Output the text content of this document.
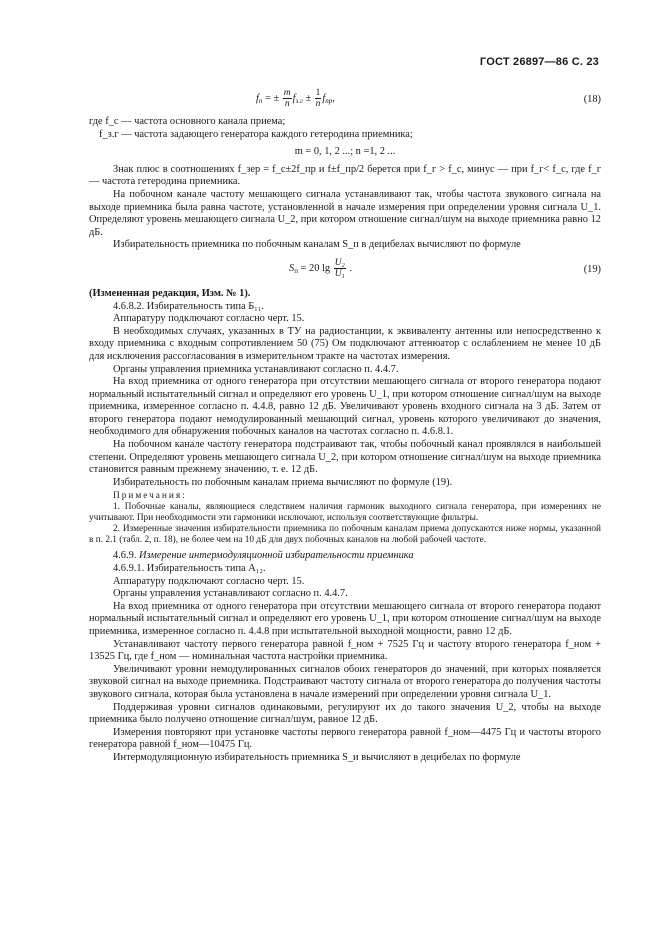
ГОСТ 26897—86 С. 23
$f_п$ = ± $\frac{m}{n} f_{з.г} \pm \frac{1}{n} f_{пр}$,	(18)

где f_c — частота основного канала приема;

f_з.г — частота задающего генератора каждого гетеродина приемника;

m = 0, 1, 2 ...; n =1, 2 ...

Знак плюс в соотношениях f_зер = f_c±2f_пр и f±f_пр/2 берется при f_г > f_c, минус — при f_г< f_c, где f_г — частота гетеродина приемника.

На побочном канале частоту мешающего сигнала устанавливают так, чтобы частота звукового сигнала на выходе приемника была равна частоте, установленной в начале измерения при определении уровня сигнала U_1. Определяют уровень мешающего сигнала U_2, при котором отношение сигнал/шум на выходе приемника равно 12 дБ.

Избирательность приемника по побочным каналам S_п в децибелах вычисляют по формуле

$S_п = 20$ $\lg \frac{\text{U₂}}{\text{U₁}}$ .	(19)

(Измененная редакция, Изм. № 1).

4.6.8.2. Избирательность типа Б₁₁.

Аппаратуру подключают согласно черт. 15.

В необходимых случаях, указанных в ТУ на радиостанции, к эквиваленту антенны или непосредственно к входу приемника с входным сопротивлением 50 (75) Ом подключают аттенюатор с ослаблением не менее 10 дБ для исключения рассогласования в измерительном тракте на частотах измерения.

Органы управления приемника устанавливают согласно п. 4.4.7.

На вход приемника от одного генератора при отсутствии мешающего сигнала от второго генератора подают нормальный испытательный сигнал и определяют его уровень U_1, при котором отношение сигнал/шум на выходе приемника, измеренное согласно п. 4.4.8, равно 12 дБ. Увеличивают уровень входного сигнала на 3 дБ. Затем от второго генератора подают немодулированный мешающий сигнал, уровень которого увеличивают до значения, необходимого для обнаружения побочных каналов на частотах согласно п. 4.6.8.1.

На побочном канале частоту генератора подстраивают так, чтобы побочный канал проявлялся в наибольшей степени. Определяют уровень мешающего сигнала U_2, при котором отношение сигнал/шум на выходе приемника становится равным прежнему значению, т. е. 12 дБ.

Избирательность по побочным каналам приема вычисляют по формуле (19).

Примечания:

1. Побочные каналы, являющиеся следствием наличия гармоник выходного сигнала генератора, при измерениях не учитывают. При необходимости эти гармоники исключают, используя соответствующие фильтры.

2. Измеренные значения избирательности приемника по побочным каналам приема допускаются ниже нормы, указанной в п. 2.1 (табл. 2, п. 18), не более чем на 10 дБ для двух побочных каналов на любой рабочей частоте.

4.6.9. Измерение интермодуляционной избирательности приемника

4.6.9.1. Избирательность типа А₁₂.

Аппаратуру подключают согласно черт. 15.

Органы управления устанавливают согласно п. 4.4.7.

На вход приемника от одного генератора при отсутствии мешающего сигнала от второго генератора подают нормальный испытательный сигнал и определяют его уровень U_1, при котором отношение сигнал/шум на выходе приемника, измеренное согласно п. 4.4.8 при испытательной выходной мощности, равно 12 дБ.

Устанавливают частоту первого генератора равной f_ном + 7525 Гц и частоту второго генератора f_ном + 13525 Гц, где f_ном — номинальная частота настройки приемника.

Увеличивают уровни немодулированных сигналов обоих генераторов до значений, при которых появляется звуковой сигнал на выходе приемника. Подстраивают частоту сигнала от второго генератора до получения частоты звукового сигнала, которая была установлена в начале измерений при определении уровня сигнала U_1.

Поддерживая уровни сигналов одинаковыми, регулируют их до такого значения U_2, чтобы на выходе приемника было получено отношение сигнал/шум, равное 12 дБ.

Измерения повторяют при установке частоты первого генератора равной f_ном—4475 Гц и частоты второго генератора равной f_ном—10475 Гц.

Интермодуляционную избирательность приемника S_и вычисляют в децибелах по формуле
